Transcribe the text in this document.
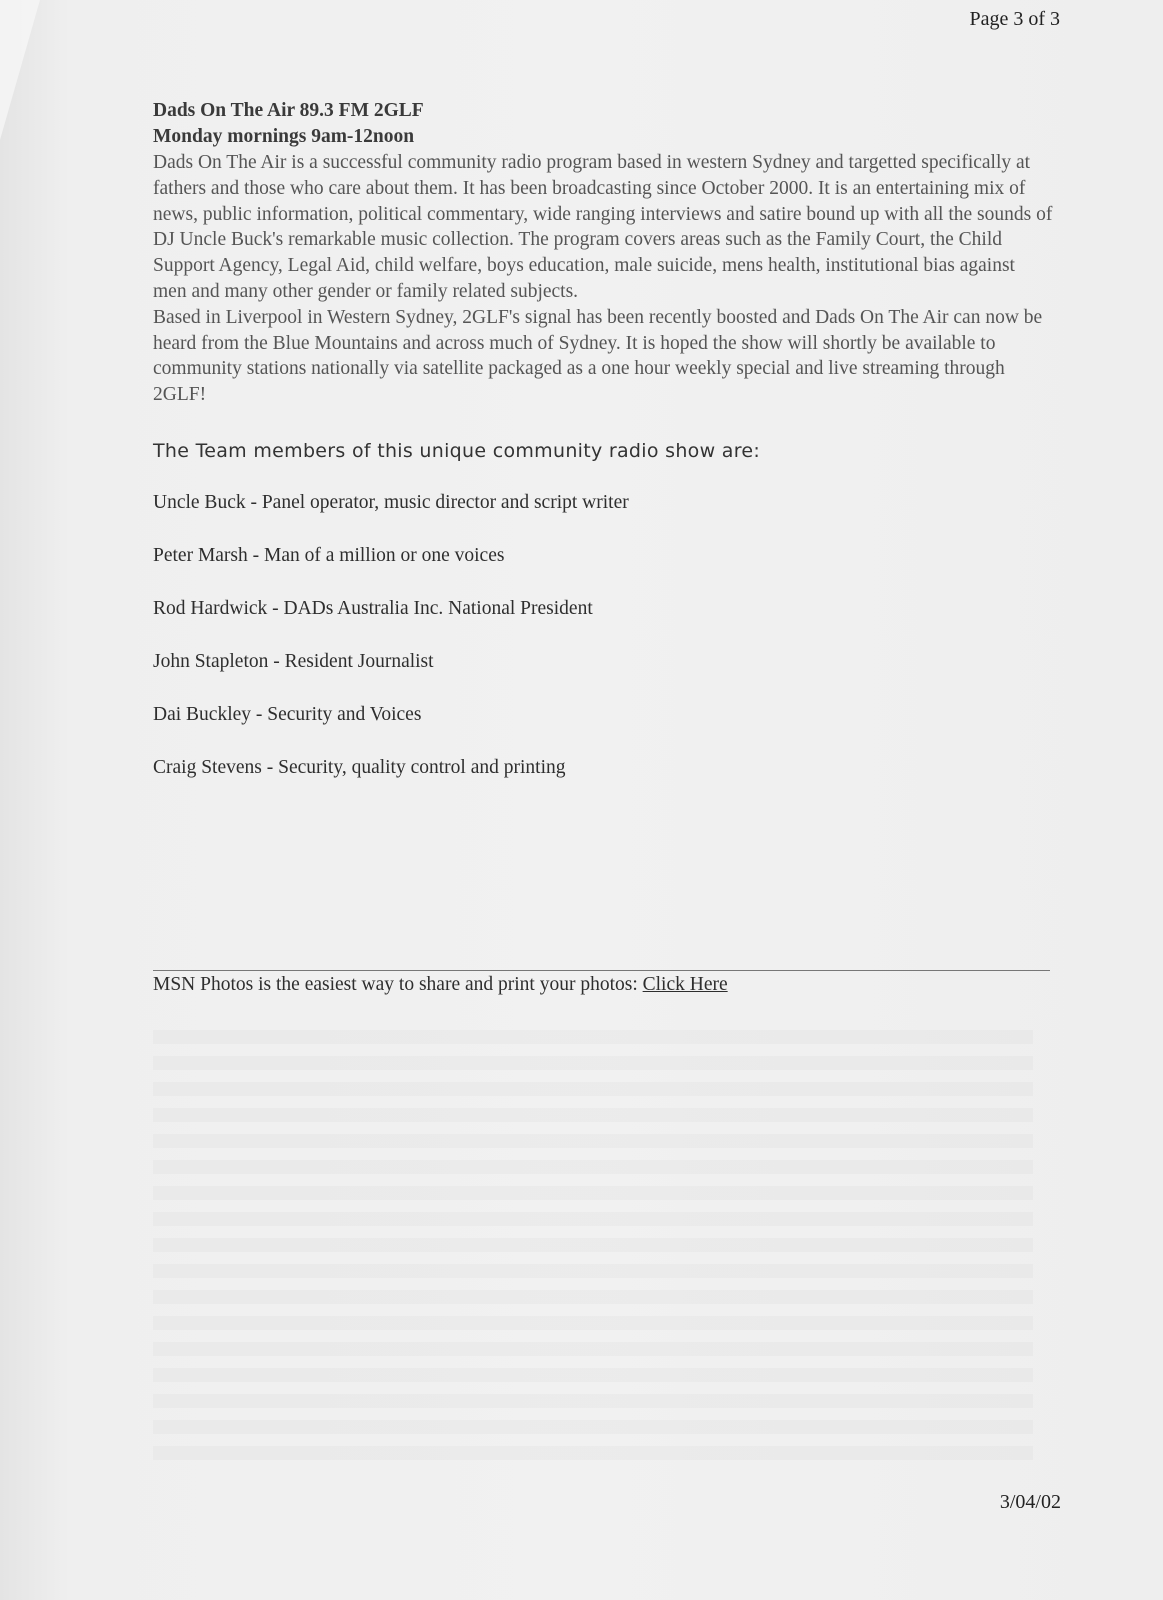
Page 3 of 3

Dads On The Air 89.3 FM 2GLF

Monday mornings 9am-12noon

Dads On The Air is a successful community radio program based in western Sydney and targetted specifically at fathers and those who care about them. It has been broadcasting since October 2000. It is an entertaining mix of news, public information, political commentary, wide ranging interviews and satire bound up with all the sounds of DJ Uncle Buck's remarkable music collection. The program covers areas such as the Family Court, the Child Support Agency, Legal Aid, child welfare, boys education, male suicide, mens health, institutional bias against men and many other gender or family related subjects.

Based in Liverpool in Western Sydney, 2GLF's signal has been recently boosted and Dads On The Air can now be heard from the Blue Mountains and across much of Sydney. It is hoped the show will shortly be available to community stations nationally via satellite packaged as a one hour weekly special and live streaming through 2GLF!

The Team members of this unique community radio show are:
Uncle Buck - Panel operator, music director and script writer
Peter Marsh - Man of a million or one voices
Rod Hardwick - DADs Australia Inc. National President
John Stapleton - Resident Journalist
Dai Buckley - Security and Voices
Craig Stevens - Security, quality control and printing
MSN Photos is the easiest way to share and print your photos: Click Here
3/04/02
